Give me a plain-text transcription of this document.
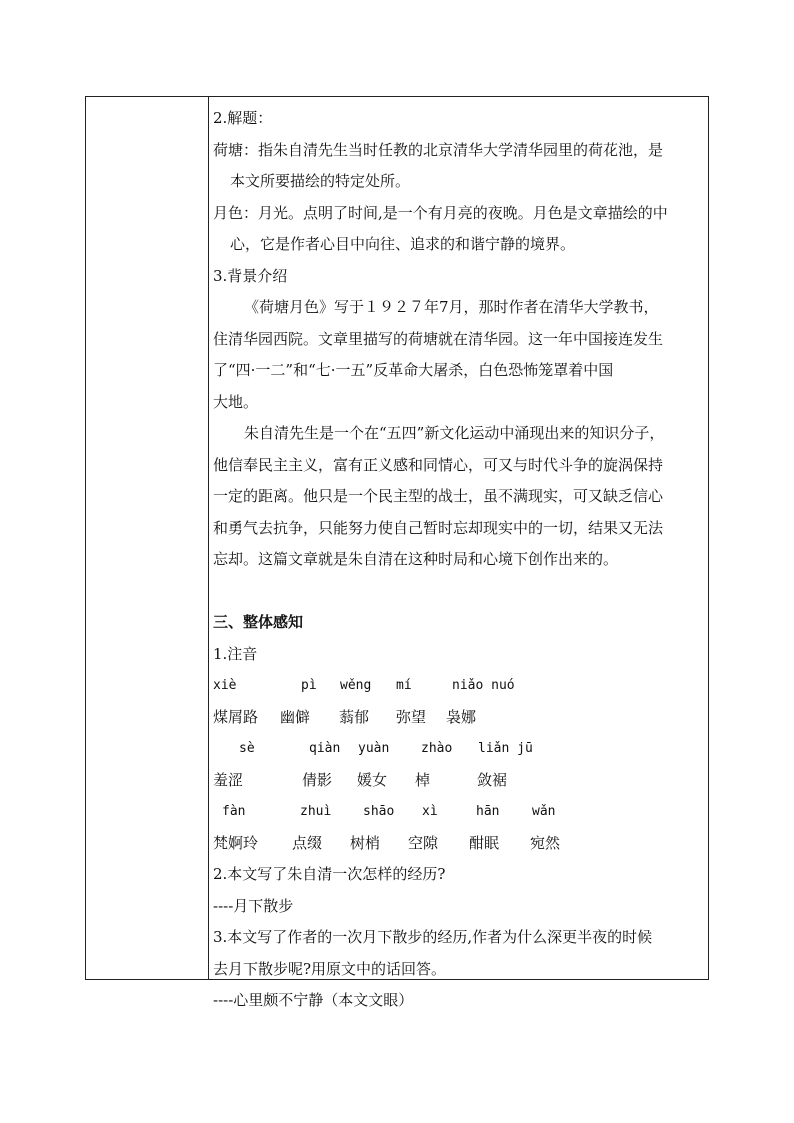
2.解题：
荷塘：指朱自清先生当时任教的北京清华大学清华园里的荷花池，是
本文所要描绘的特定处所。
月色：月光。点明了时间,是一个有月亮的夜晚。月色是文章描绘的中
心，它是作者心目中向往、追求的和谐宁静的境界。
3.背景介绍
《荷塘月色》写于１９２７年7月，那时作者在清华大学教书，
住清华园西院。文章里描写的荷塘就在清华园。这一年中国接连发生
了“四·一二”和“七·一五”反革命大屠杀，白色恐怖笼罩着中国
大地。
朱自清先生是一个在“五四”新文化运动中涌现出来的知识分子，
他信奉民主主义，富有正义感和同情心，可又与时代斗争的旋涡保持
一定的距离。他只是一个民主型的战士，虽不满现实，可又缺乏信心
和勇气去抗争，只能努力使自己暂时忘却现实中的一切，结果又无法
忘却。这篇文章就是朱自清在这种时局和心境下创作出来的。
三、整体感知
1.注音
xiè	pì wěng mí	niǎo nuó
煤屑路 幽僻 蓊郁 弥望 袅娜
sè	qiàn yuàn zhào liǎn jū
羞涩	倩影 媛女 棹	敛裾
fàn	zhuì shāo xì	hān	wǎn
梵婀玲 点缀 树梢 空隙 酣眠 宛然
2.本文写了朱自清一次怎样的经历?
----月下散步
3.本文写了作者的一次月下散步的经历,作者为什么深更半夜的时候
去月下散步呢?用原文中的话回答。
----心里颇不宁静（本文文眼）
